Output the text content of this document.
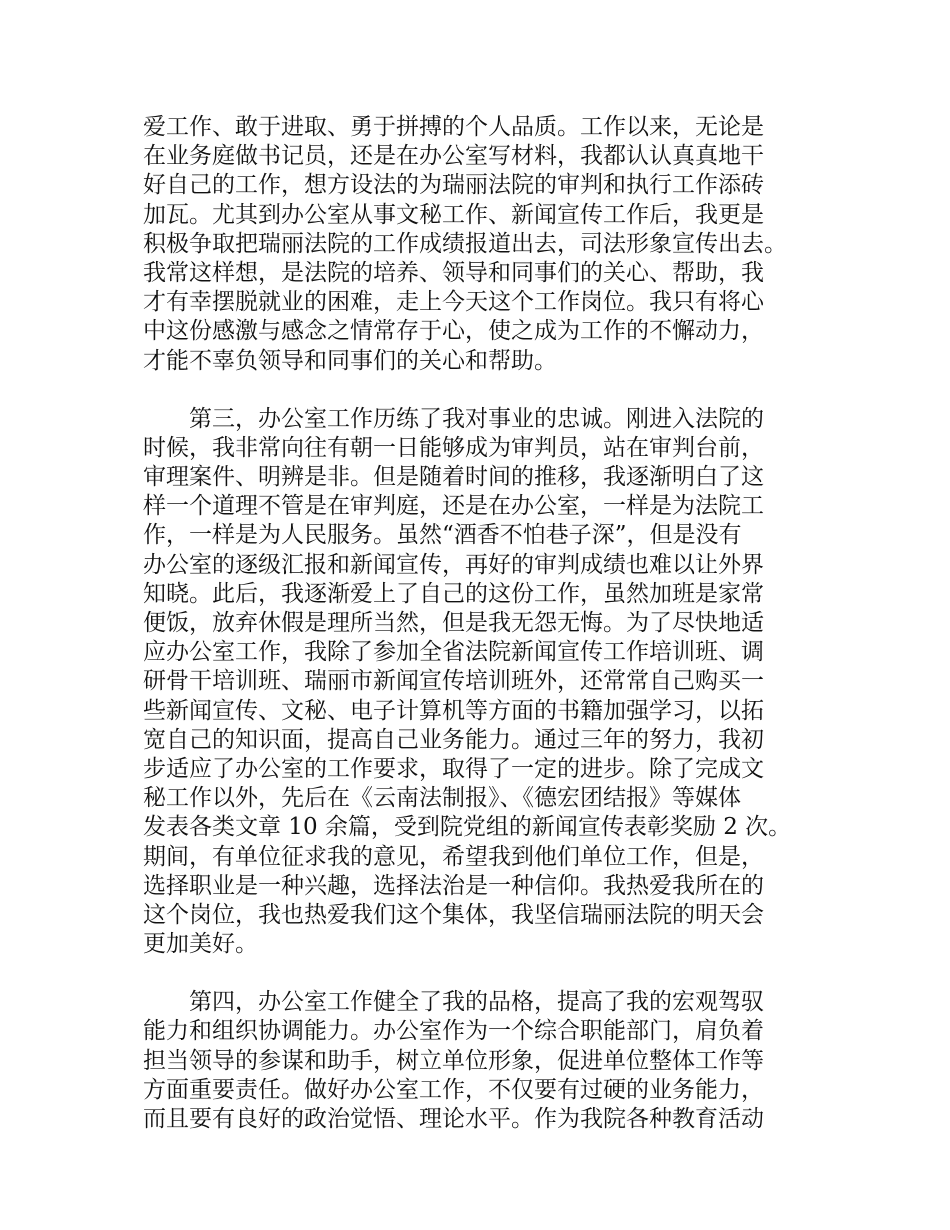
爱工作、敢于进取、勇于拼搏的个人品质。工作以来，无论是
在业务庭做书记员，还是在办公室写材料，我都认认真真地干
好自己的工作，想方设法的为瑞丽法院的审判和执行工作添砖
加瓦。尤其到办公室从事文秘工作、新闻宣传工作后，我更是
积极争取把瑞丽法院的工作成绩报道出去，司法形象宣传出去。
我常这样想，是法院的培养、领导和同事们的关心、帮助，我
才有幸摆脱就业的困难，走上今天这个工作岗位。我只有将心
中这份感激与感念之情常存于心，使之成为工作的不懈动力，
才能不辜负领导和同事们的关心和帮助。

第三，办公室工作历练了我对事业的忠诚。刚进入法院的
时候，我非常向往有朝一日能够成为审判员，站在审判台前，
审理案件、明辨是非。但是随着时间的推移，我逐渐明白了这
样一个道理不管是在审判庭，还是在办公室，一样是为法院工
作，一样是为人民服务。虽然“酒香不怕巷子深”，但是没有
办公室的逐级汇报和新闻宣传，再好的审判成绩也难以让外界
知晓。此后，我逐渐爱上了自己的这份工作，虽然加班是家常
便饭，放弃休假是理所当然，但是我无怨无悔。为了尽快地适
应办公室工作，我除了参加全省法院新闻宣传工作培训班、调
研骨干培训班、瑞丽市新闻宣传培训班外，还常常自己购买一
些新闻宣传、文秘、电子计算机等方面的书籍加强学习，以拓
宽自己的知识面，提高自己业务能力。通过三年的努力，我初
步适应了办公室的工作要求，取得了一定的进步。除了完成文
秘工作以外，先后在《云南法制报》、《德宏团结报》等媒体
发表各类文章 10 余篇，受到院党组的新闻宣传表彰奖励 2 次。
期间，有单位征求我的意见，希望我到他们单位工作，但是，
选择职业是一种兴趣，选择法治是一种信仰。我热爱我所在的
这个岗位，我也热爱我们这个集体，我坚信瑞丽法院的明天会
更加美好。

第四，办公室工作健全了我的品格，提高了我的宏观驾驭
能力和组织协调能力。办公室作为一个综合职能部门，肩负着
担当领导的参谋和助手，树立单位形象，促进单位整体工作等
方面重要责任。做好办公室工作，不仅要有过硬的业务能力，
而且要有良好的政治觉悟、理论水平。作为我院各种教育活动
